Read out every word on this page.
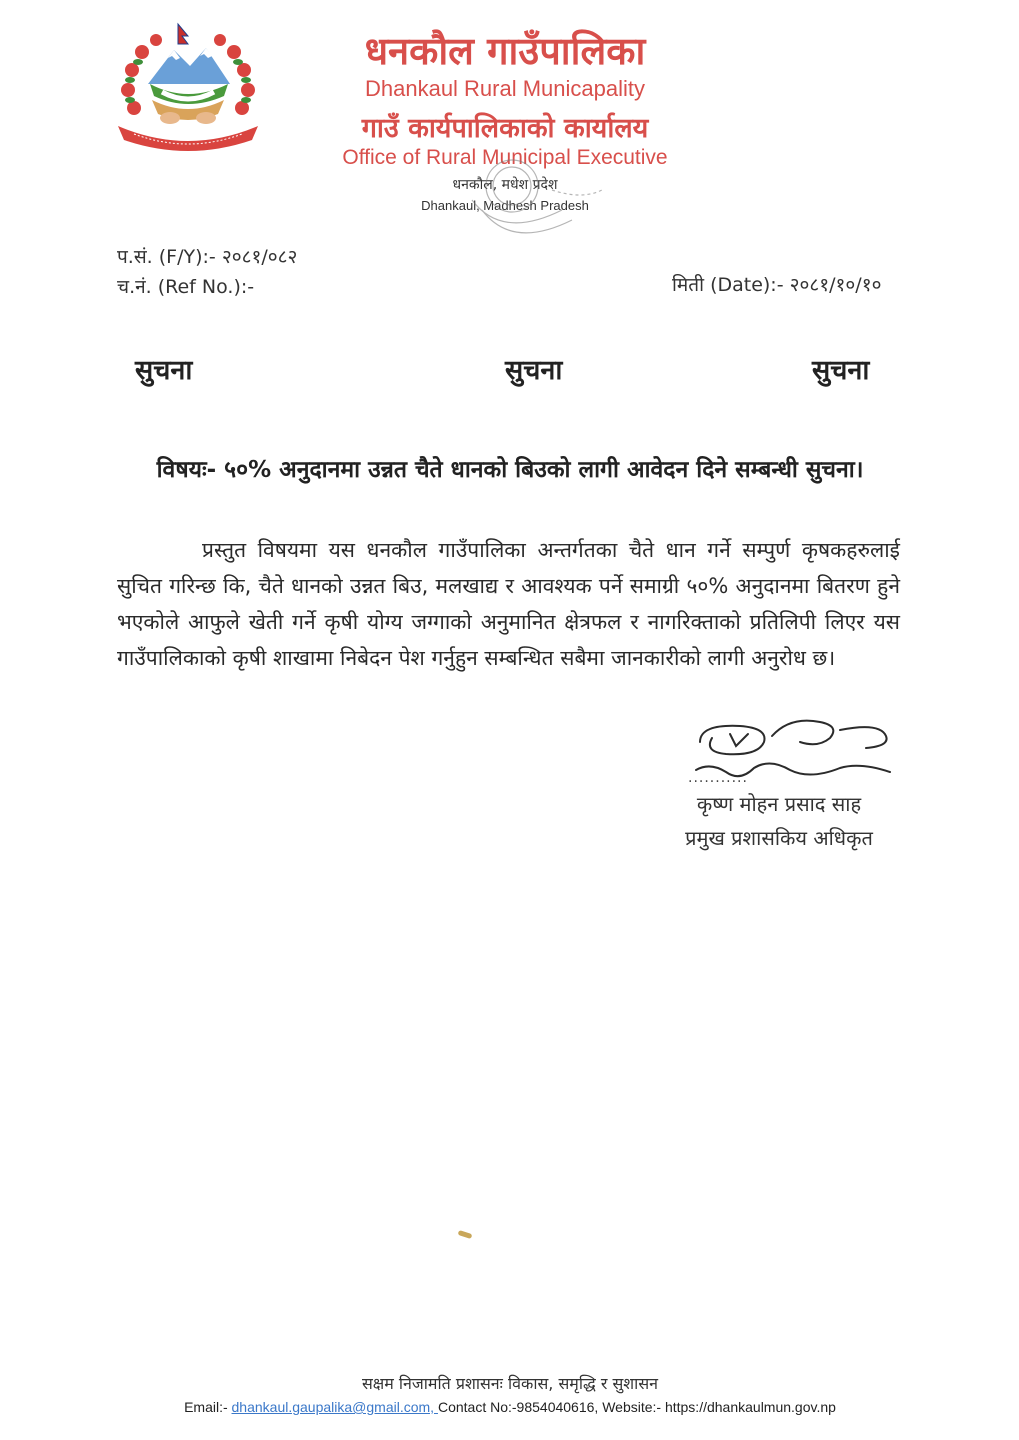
धनकौल गाउँपालिका
Dhankaul Rural Municapality
गाउँ कार्यपालिकाको कार्यालय
Office of Rural Municipal Executive
धनकौल, मधेश प्रदेश
Dhankaul, Madhesh Pradesh
प.सं. (F/Y):- २०८१/०८२
च.नं. (Ref No.):-	मिती (Date):- २०८१/१०/१०
सुचना	सुचना	सुचना
विषयः- ५०% अनुदानमा उन्नत चैते धानको बिउको लागी आवेदन दिने सम्बन्धी सुचना।
प्रस्तुत विषयमा यस धनकौल गाउँपालिका अन्तर्गतका चैते धान गर्ने सम्पुर्ण कृषकहरुलाई सुचित गरिन्छ कि, चैते धानको उन्नत बिउ, मलखाद्य र आवश्यक पर्ने समाग्री ५०% अनुदानमा बितरण हुने भएकोले आफुले खेती गर्ने कृषी योग्य जग्गाको अनुमानित क्षेत्रफल र नागरिक्ताको प्रतिलिपी लिएर यस गाउँपालिकाको कृषी शाखामा निबेदन पेश गर्नुहुन सम्बन्धित सबैमा जानकारीको लागी अनुरोध छ।
...........
कृष्ण मोहन प्रसाद साह
प्रमुख प्रशासकिय अधिकृत
सक्षम निजामति प्रशासनः विकास, समृद्धि र सुशासन
Email:- dhankaul.gaupalika@gmail.com, Contact No:-9854040616, Website:- https://dhankaulmun.gov.np
